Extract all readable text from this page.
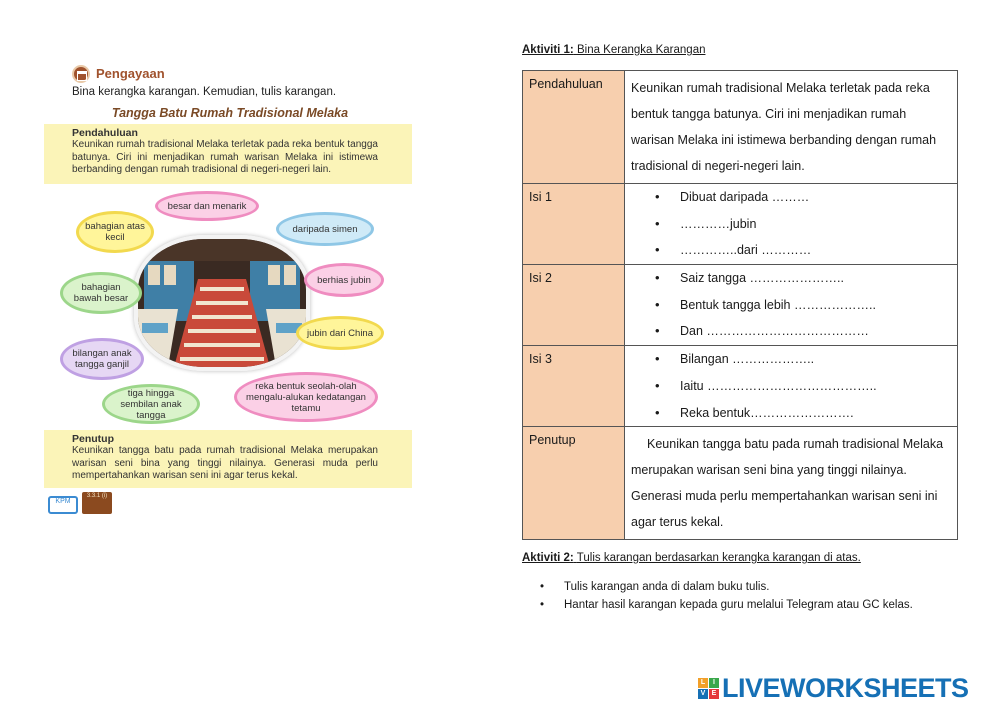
Pengayaan
Bina kerangka karangan. Kemudian, tulis karangan.
Tangga Batu Rumah Tradisional Melaka
Pendahuluan
Keunikan rumah tradisional Melaka terletak pada reka bentuk tangga batunya. Ciri ini menjadikan rumah warisan Melaka ini istimewa berbanding dengan rumah tradisional di negeri-negeri lain.
besar dan menarik
bahagian atas kecil
daripada simen
bahagian bawah besar
berhias jubin
jubin dari China
bilangan anak tangga ganjil
tiga hingga sembilan anak tangga
reka bentuk seolah-olah mengalu-alukan kedatangan tetamu
Penutup
Keunikan tangga batu pada rumah tradisional Melaka merupakan warisan seni bina yang tinggi nilainya. Generasi muda perlu mempertahankan warisan seni ini agar terus kekal.
KPM
3.3.1 (i)
Aktiviti 1: Bina Kerangka Karangan
Pendahuluan	Keunikan rumah tradisional Melaka terletak pada reka bentuk tangga batunya. Ciri ini menjadikan rumah warisan Melaka ini istimewa berbanding dengan rumah tradisional di negeri-negeri lain.
Isi 1	• Dibuat daripada ………
• …………jubin
• …………..dari …………

Isi 2	• Saiz tangga …………………..
• Bentuk tangga lebih ………………..
• Dan …………………………………

Isi 3	• Bilangan ………………..
• Iaitu …………………………………..
• Reka bentuk…………………….

Penutup	Keunikan tangga batu pada rumah tradisional Melaka merupakan warisan seni bina yang tinggi nilainya. Generasi muda perlu mempertahankan warisan seni ini agar terus kekal.
Aktiviti 2: Tulis karangan berdasarkan kerangka karangan di atas.
• Tulis karangan anda di dalam buku tulis.
• Hantar hasil karangan kepada guru melalui Telegram atau GC kelas.
L	I
V E LIVEWORKSHEETS
